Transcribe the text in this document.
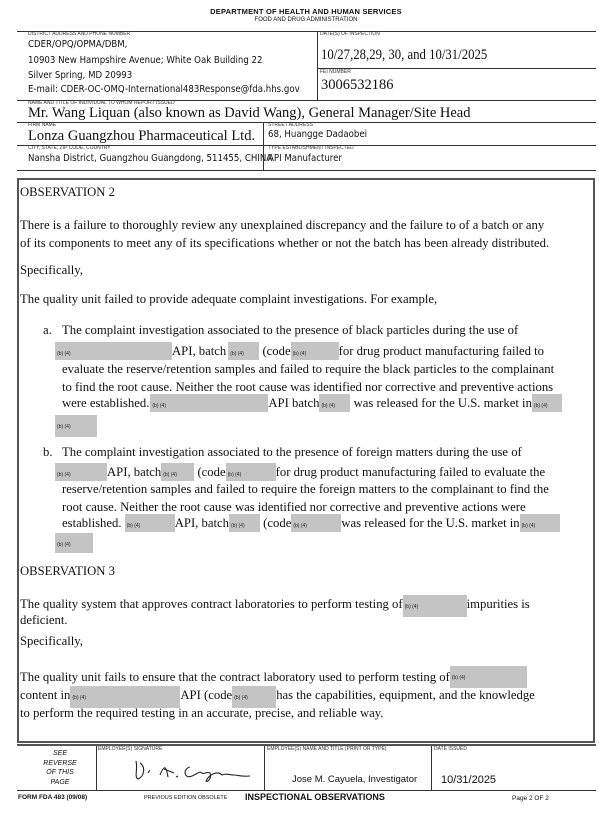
DEPARTMENT OF HEALTH AND HUMAN SERVICES
FOOD AND DRUG ADMINISTRATION
DISTRICT ADDRESS AND PHONE NUMBER
CDER/OPQ/OPMA/DBM,
10903 New Hampshire Avenue; White Oak Building 22
Silver Spring, MD 20993
E-mail: CDER-OC-OMQ-International483Response@fda.hhs.gov
DATE(S) OF INSPECTION
10/27,28,29, 30, and 10/31/2025
FEI NUMBER
3006532186
NAME AND TITLE OF INDIVIDUAL TO WHOM REPORT ISSUED
Mr. Wang Liquan (also known as David Wang), General Manager/Site Head
FIRM NAME
Lonza Guangzhou Pharmaceutical Ltd.
STREET ADDRESS
68, Huangge Dadaobei
CITY, STATE, ZIP CODE, COUNTRY
Nansha District, Guangzhou Guangdong, 511455, CHINA
TYPE ESTABLISHMENT INSPECTED
API Manufacturer
OBSERVATION 2
There is a failure to thoroughly review any unexplained discrepancy and the failure to of a batch or any
of its components to meet any of its specifications whether or not the batch has been already distributed.
Specifically,
The quality unit failed to provide adequate complaint investigations. For example,
a. The complaint investigation associated to the presence of black particles during the use of
(b) (4)	API, batch (b) (4) (code (b) (4)	for drug product manufacturing failed to
evaluate the reserve/retention samples and failed to require the black particles to the complainant
to find the root cause. Neither the root cause was identified nor corrective and preventive actions
were established. (b) (4)	API batch (b) (4) was released for the U.S. market in (b) (4)
(b) (4)
b. The complaint investigation associated to the presence of foreign matters during the use of
(b) (4)	API, batch (b) (4) (code (b) (4)	for drug product manufacturing failed to evaluate the
reserve/retention samples and failed to require the foreign matters to the complainant to find the
root cause. Neither the root cause was identified nor corrective and preventive actions were
established. (b) (4)	API, batch (b) (4) (code (b) (4)	was released for the U.S. market in (b) (4)
(b) (4)
OBSERVATION 3
The quality system that approves contract laboratories to perform testing of (b) (4)	impurities is
deficient.
Specifically,
The quality unit fails to ensure that the contract laboratory used to perform testing of (b) (4)
content in (b) (4)	API (code (b) (4) has the capabilities, equipment, and the knowledge
to perform the required testing in an accurate, precise, and reliable way.
SEE
REVERSE
OF THIS
PAGE
EMPLOYEE(S) SIGNATURE	EMPLOYEE(S) NAME AND TITLE (PRINT OR TYPE)
Jose M. Cayuela, Investigator
DATE ISSUED
10/31/2025
FORM FDA 483 (09/08)	PREVIOUS EDITION OBSOLETE INSPECTIONAL OBSERVATIONS	Page 2 OF 2
